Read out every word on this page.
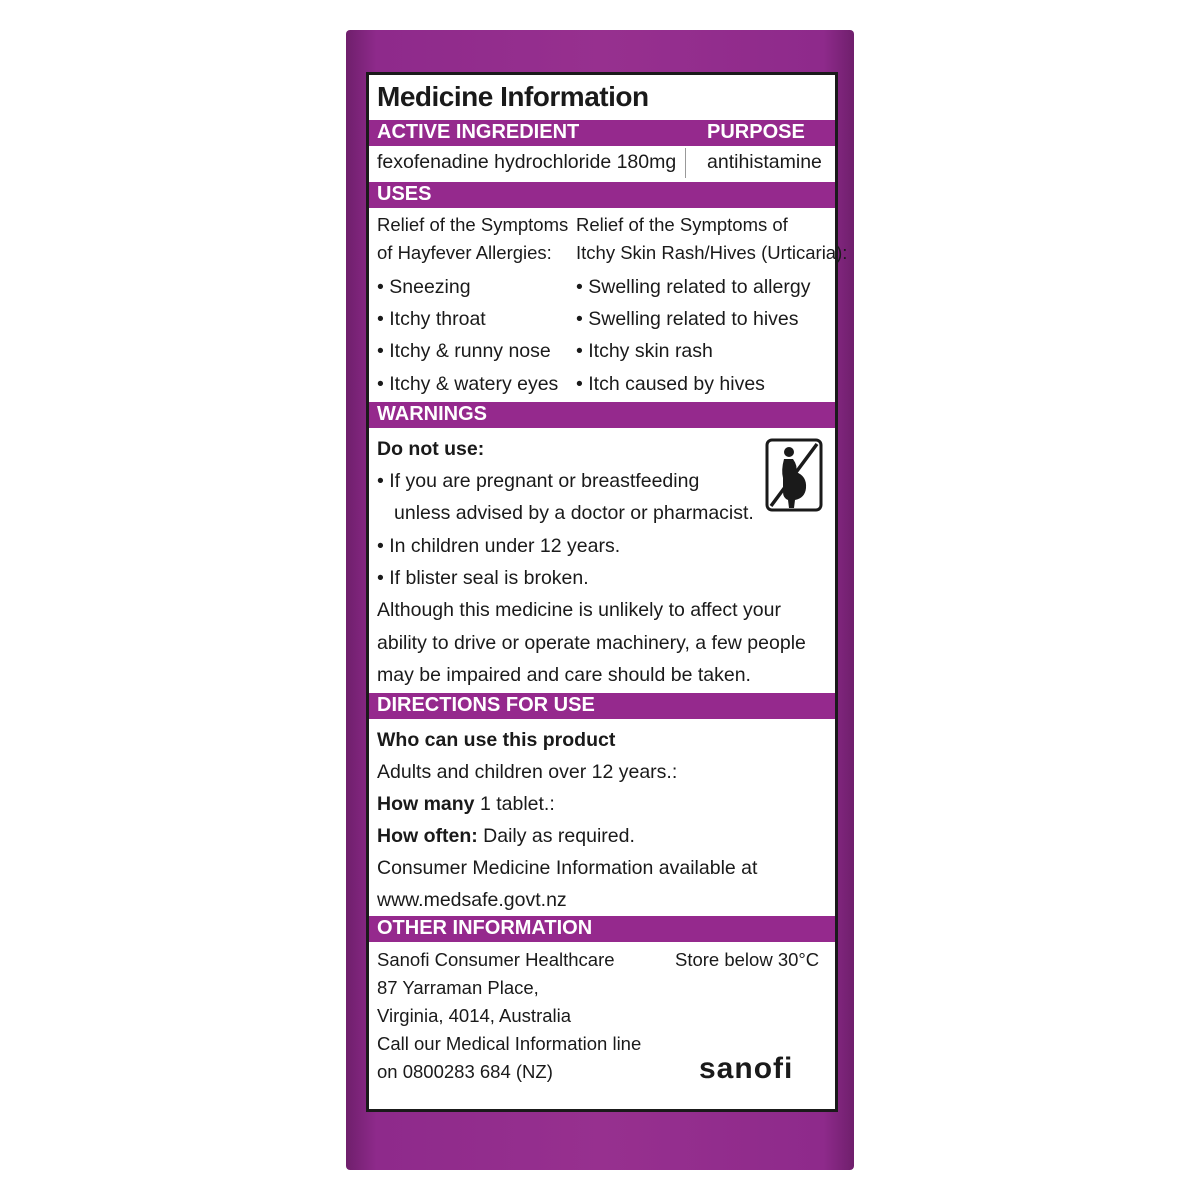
Medicine Information
ACTIVE INGREDIENT	PURPOSE
fexofenadine hydrochloride 180mg antihistamine
USES
Relief of the Symptoms
of Hayfever Allergies:
Relief of the Symptoms of
Itchy Skin Rash/Hives (Urticaria):
• Sneezing
• Itchy throat
• Itchy & runny nose
• Itchy & watery eyes
• Swelling related to allergy
• Swelling related to hives
• Itchy skin rash
• Itch caused by hives
WARNINGS
Do not use:
• If you are pregnant or breastfeeding
unless advised by a doctor or pharmacist.
• In children under 12 years.
• If blister seal is broken.
Although this medicine is unlikely to affect your
ability to drive or operate machinery, a few people
may be impaired and care should be taken.
DIRECTIONS FOR USE
Who can use this product
Adults and children over 12 years.:
How many 1 tablet.:
How often: Daily as required.
Consumer Medicine Information available at
www.medsafe.govt.nz
OTHER INFORMATION
Sanofi Consumer Healthcare
87 Yarraman Place,
Virginia, 4014, Australia
Call our Medical Information line
on 0800283 684 (NZ)
Store below 30°C
sanofi
